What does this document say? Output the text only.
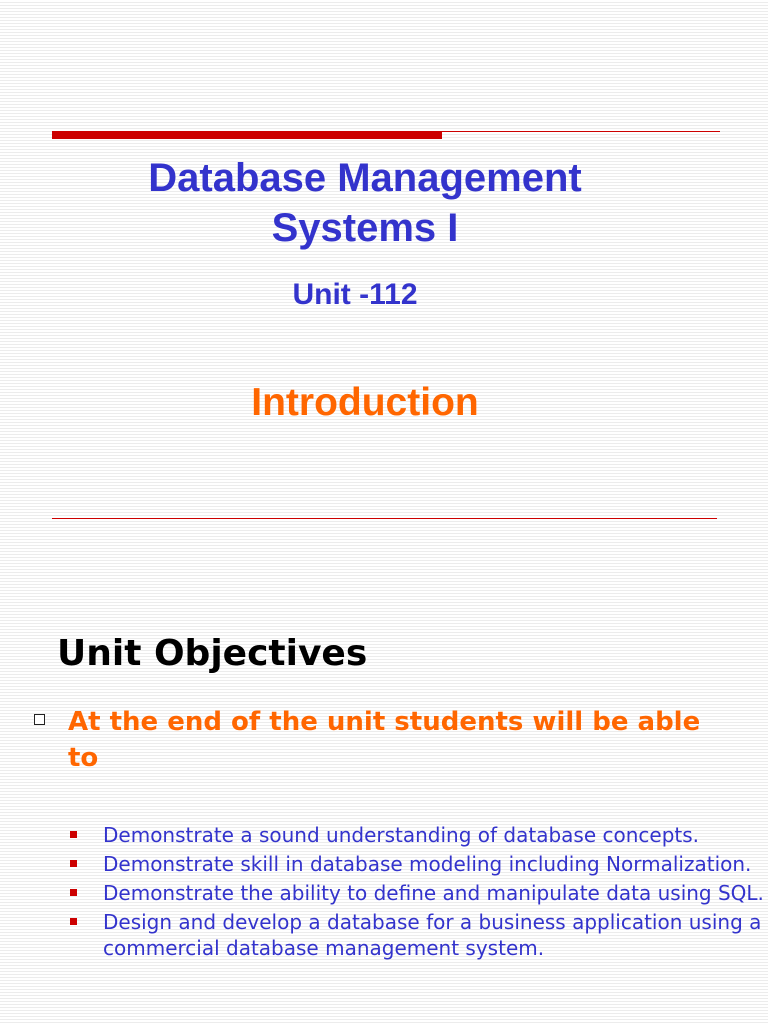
Database Management Systems I
Unit -112
Introduction
Unit Objectives
At the end of the unit students will be able to
Demonstrate a sound understanding of database concepts.
Demonstrate skill in database modeling including Normalization.
Demonstrate the ability to define and manipulate data using SQL.
Design and develop a database for a business application using a commercial database management system.
